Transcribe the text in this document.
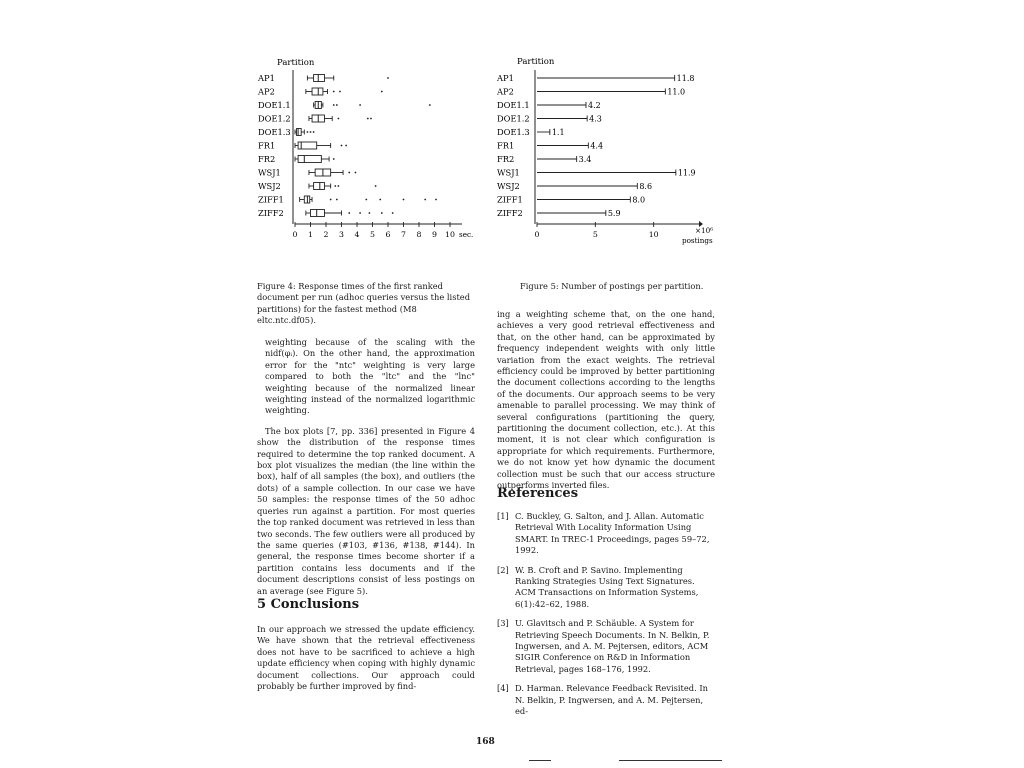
Partition
AP1
AP2
DOE1.1
DOE1.2
DOE1.3
FR1
FR2
WSJ1
WSJ2
ZIFF1
ZIFF2
0 1 2 3 4 5 6 7 8 9 10 sec.
Figure 4: Response times of the first ranked document per run (adhoc queries versus the listed partitions) for the fastest method (M8 eltc.ntc.df05).
Partition
AP1	11.8
AP2	11.0
DOE1.1	4.2
DOE1.2	4.3
DOE1.3	1.1
FR1	4.4
FR2	3.4
WSJ1	11.9
WSJ2	8.6
ZIFF1	8.0
ZIFF2	5.9
0	5	10	×10⁶
postings
Figure 5: Number of postings per partition.

weighting because of the scaling with the nidf(φᵢ). On the other hand, the approximation error for the "ntc" weighting is very large compared to both the "ltc" and the "lnc" weighting because of the normalized linear weighting instead of the normalized logarithmic weighting.

The box plots [7, pp. 336] presented in Figure 4 show the distribution of the response times required to determine the top ranked document. A box plot visualizes the median (the line within the box), half of all samples (the box), and outliers (the dots) of a sample collection. In our case we have 50 samples: the response times of the 50 adhoc queries run against a partition. For most queries the top ranked document was retrieved in less than two seconds. The few outliers were all produced by the same queries (#103, #136, #138, #144). In general, the response times become shorter if a partition contains less documents and if the document descriptions consist of less postings on an average (see Figure 5).

5 Conclusions
In our approach we stressed the update efficiency. We have shown that the retrieval effectiveness does not have to be sacrificed to achieve a high update efficiency when coping with highly dynamic document collections. Our approach could probably be further improved by find-
ing a weighting scheme that, on the one hand, achieves a very good retrieval effectiveness and that, on the other hand, can be approximated by frequency independent weights with only little variation from the exact weights. The retrieval efficiency could be improved by better partitioning the document collections according to the lengths of the documents. Our approach seems to be very amenable to parallel processing. We may think of several configurations (partitioning the query, partitioning the document collection, etc.). At this moment, it is not clear which configuration is appropriate for which requirements. Furthermore, we do not know yet how dynamic the document collection must be such that our access structure outperforms inverted files.
References
[1] C. Buckley, G. Salton, and J. Allan. Automatic Retrieval With Locality Information Using SMART. In TREC-1 Proceedings, pages 59–72, 1992.
[2] W. B. Croft and P. Savino. Implementing Ranking Strategies Using Text Signatures. ACM Transactions on Information Systems, 6(1):42–62, 1988.
[3] U. Glavitsch and P. Schäuble. A System for Retrieving Speech Documents. In N. Belkin, P. Ingwersen, and A. M. Pejtersen, editors, ACM SIGIR Conference on R&D in Information Retrieval, pages 168–176, 1992.
[4] D. Harman. Relevance Feedback Revisited. In N. Belkin, P. Ingwersen, and A. M. Pejtersen, ed-
168
